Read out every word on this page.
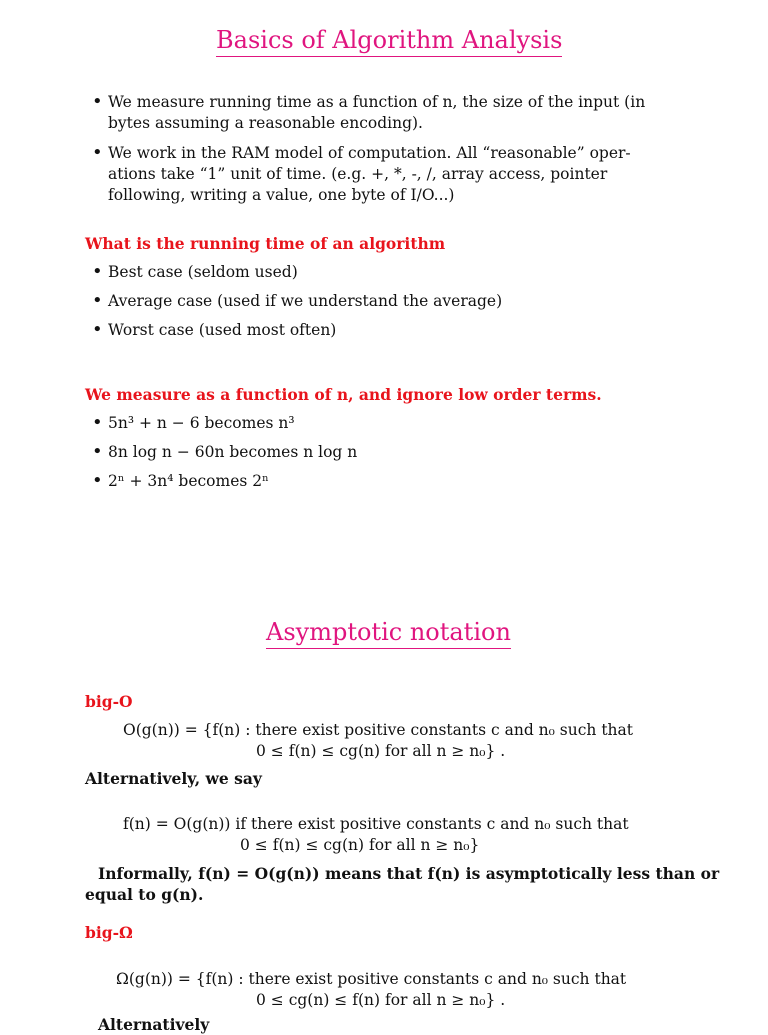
Basics of Algorithm Analysis
• We measure running time as a function of n, the size of the input (in
bytes assuming a reasonable encoding).
• We work in the RAM model of computation. All “reasonable” oper-
ations take “1” unit of time. (e.g. +, *, -, /, array access, pointer
following, writing a value, one byte of I/O...)
What is the running time of an algorithm
• Best case (seldom used)
• Average case (used if we understand the average)
• Worst case (used most often)
We measure as a function of n, and ignore low order terms.
• 5n³ + n − 6 becomes n³
• 8n log n − 60n becomes n log n
• 2ⁿ + 3n⁴ becomes 2ⁿ
Asymptotic notation
big-O
O(g(n)) = {f(n) : there exist positive constants c and n₀ such that
0 ≤ f(n) ≤ cg(n) for all n ≥ n₀} .
Alternatively, we say
f(n) = O(g(n)) if there exist positive constants c and n₀ such that
0 ≤ f(n) ≤ cg(n) for all n ≥ n₀}
Informally, f(n) = O(g(n)) means that f(n) is asymptotically less than or
equal to g(n).
big-Ω
Ω(g(n)) = {f(n) : there exist positive constants c and n₀ such that
0 ≤ cg(n) ≤ f(n) for all n ≥ n₀} .
Alternatively
